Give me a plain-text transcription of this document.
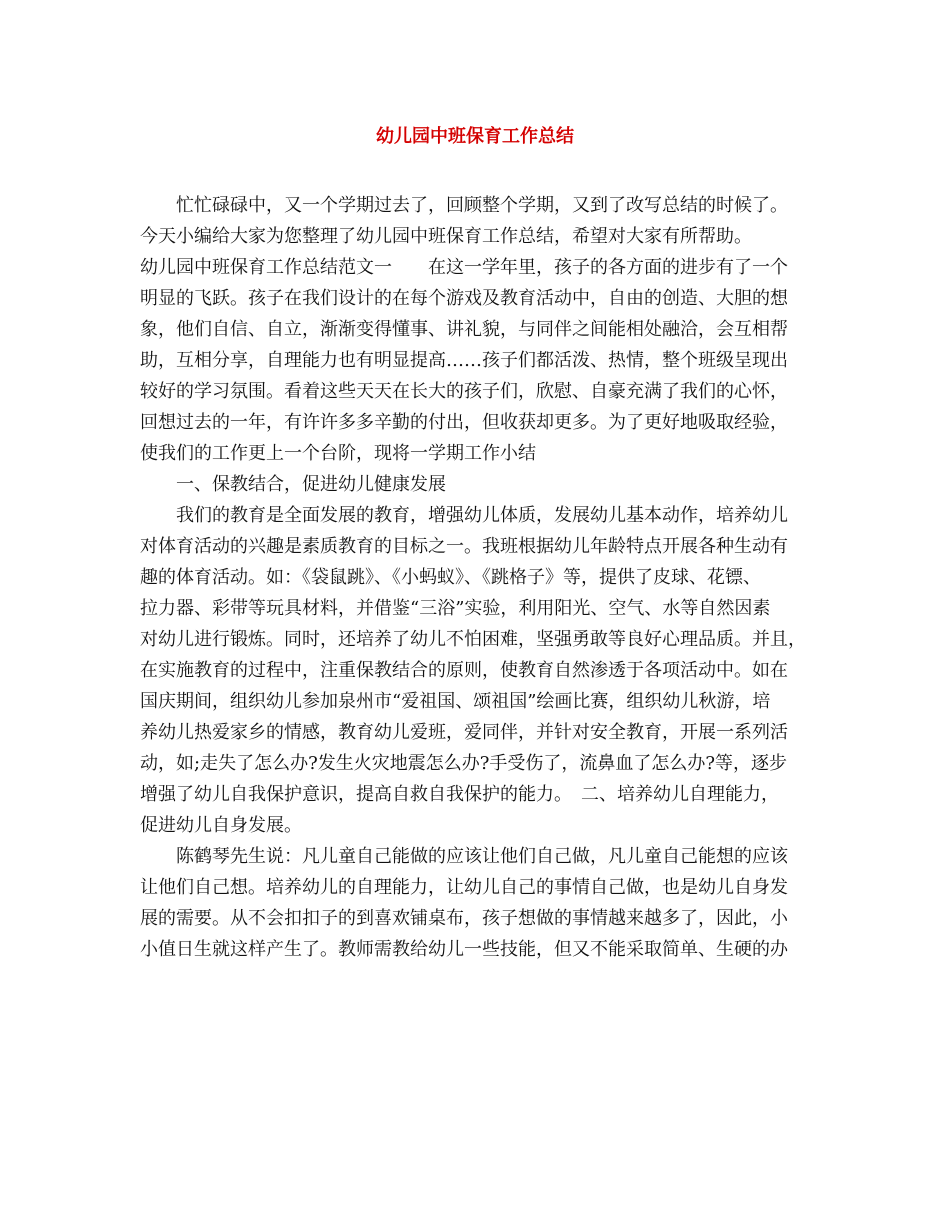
幼儿园中班保育工作总结
忙忙碌碌中，又一个学期过去了，回顾整个学期，又到了改写总结的时候了。
今天小编给大家为您整理了幼儿园中班保育工作总结，希望对大家有所帮助。
幼儿园中班保育工作总结范文一　　在这一学年里，孩子的各方面的进步有了一个
明显的飞跃。孩子在我们设计的在每个游戏及教育活动中，自由的创造、大胆的想
象，他们自信、自立，渐渐变得懂事、讲礼貌，与同伴之间能相处融洽，会互相帮
助，互相分享，自理能力也有明显提高……孩子们都活泼、热情，整个班级呈现出
较好的学习氛围。看着这些天天在长大的孩子们，欣慰、自豪充满了我们的心怀，
回想过去的一年，有许许多多辛勤的付出，但收获却更多。为了更好地吸取经验，
使我们的工作更上一个台阶，现将一学期工作小结
一、保教结合，促进幼儿健康发展
我们的教育是全面发展的教育，增强幼儿体质，发展幼儿基本动作，培养幼儿
对体育活动的兴趣是素质教育的目标之一。我班根据幼儿年龄特点开展各种生动有
趣的体育活动。如：《袋鼠跳》、《小蚂蚁》、《跳格子》等，提供了皮球、花镖、
拉力器、彩带等玩具材料，并借鉴“三浴”实验，利用阳光、空气、水等自然因素
对幼儿进行锻炼。同时，还培养了幼儿不怕困难，坚强勇敢等良好心理品质。并且，
在实施教育的过程中，注重保教结合的原则，使教育自然渗透于各项活动中。如在
国庆期间，组织幼儿参加泉州市“爱祖国、颂祖国”绘画比赛，组织幼儿秋游，培
养幼儿热爱家乡的情感，教育幼儿爱班，爱同伴，并针对安全教育，开展一系列活
动，如;走失了怎么办?发生火灾地震怎么办?手受伤了，流鼻血了怎么办?等，逐步
增强了幼儿自我保护意识，提高自救自我保护的能力。　二、培养幼儿自理能力，
促进幼儿自身发展。
陈鹤琴先生说：凡儿童自己能做的应该让他们自己做，凡儿童自己能想的应该
让他们自己想。培养幼儿的自理能力，让幼儿自己的事情自己做，也是幼儿自身发
展的需要。从不会扣扣子的到喜欢铺桌布，孩子想做的事情越来越多了，因此，小
小值日生就这样产生了。教师需教给幼儿一些技能，但又不能采取简单、生硬的办
